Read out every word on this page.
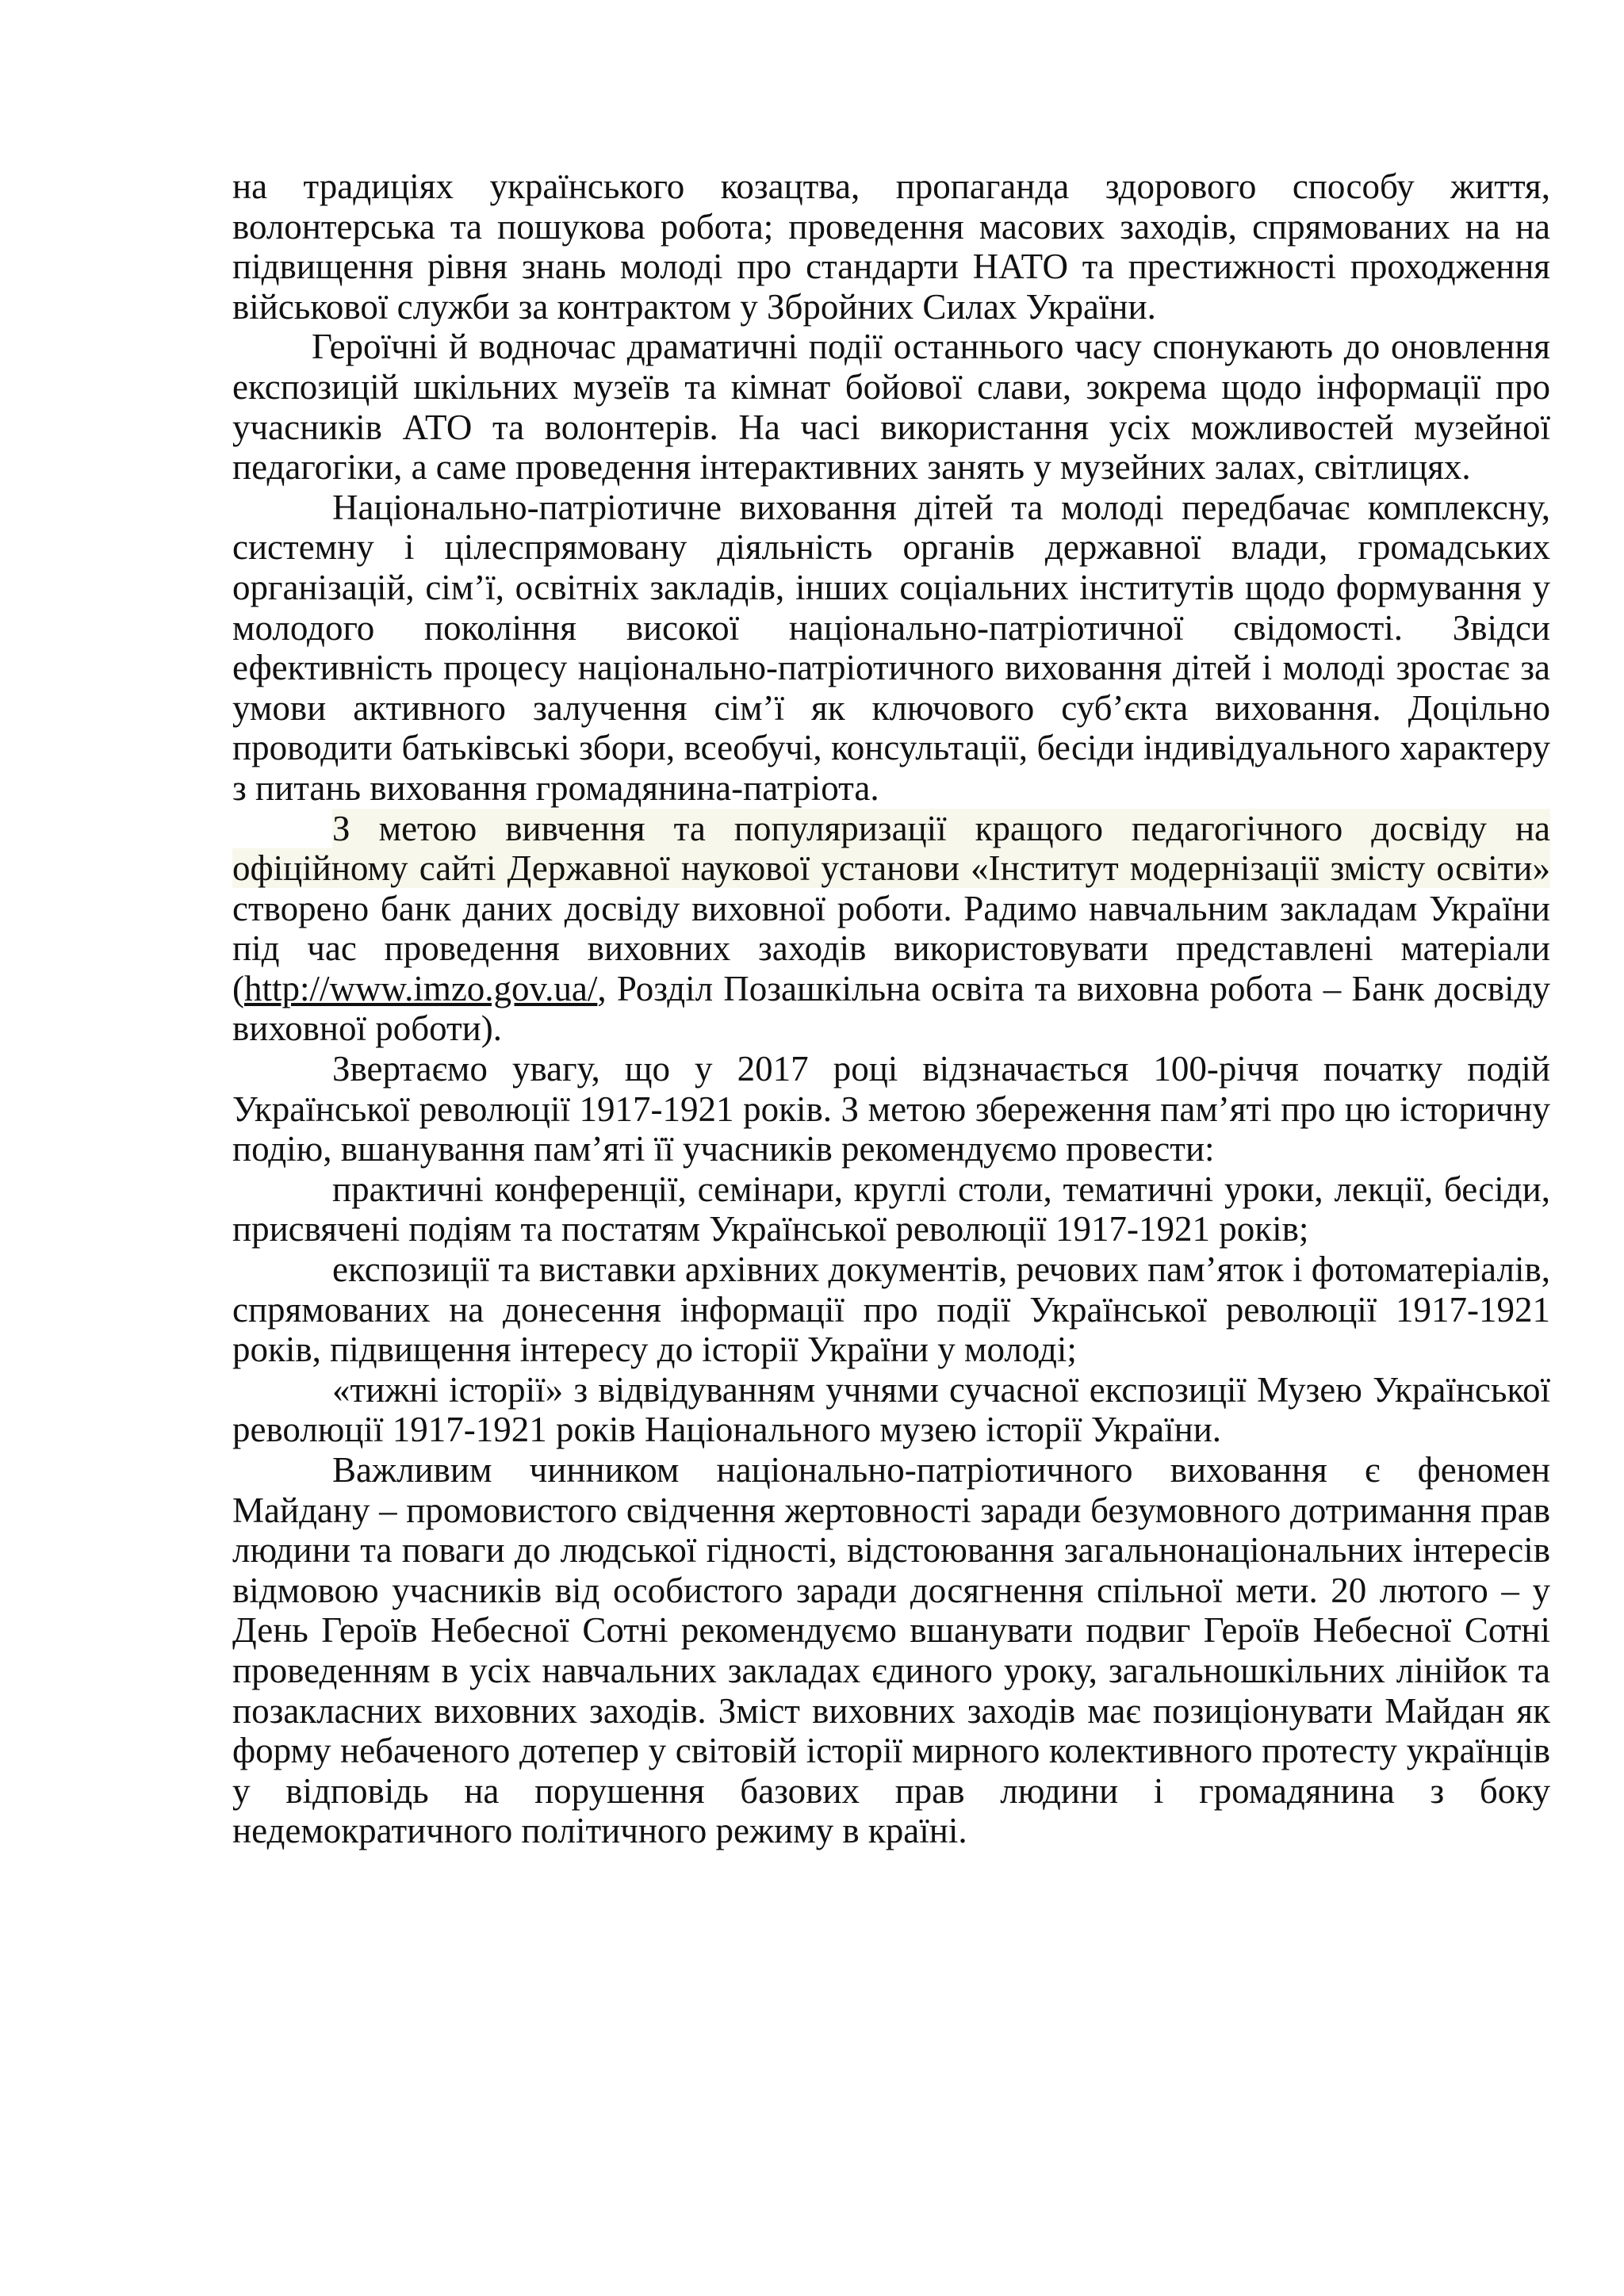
на традиціях українського козацтва, пропаганда здорового способу життя, волонтерська та пошукова робота; проведення масових заходів, спрямованих на на підвищення рівня знань молоді про стандарти НАТО та престижності проходження військової служби за контрактом у Збройних Силах України.

Героїчні й водночас драматичні події останнього часу спонукають до оновлення експозицій шкільних музеїв та кімнат бойової слави, зокрема щодо інформації про учасників АТО та волонтерів. На часі використання усіх можливостей музейної педагогіки, а саме проведення інтерактивних занять у музейних залах, світлицях.

Національно-патріотичне виховання дітей та молоді передбачає комплексну, системну і цілеспрямовану діяльність органів державної влади, громадських організацій, сім’ї, освітніх закладів, інших соціальних інститутів щодо формування у молодого покоління високої національно-патріотичної свідомості. Звідси ефективність процесу національно-патріотичного виховання дітей і молоді зростає за умови активного залучення сім’ї як ключового суб’єкта виховання. Доцільно проводити батьківські збори, всеобучі, консультації, бесіди індивідуального характеру з питань виховання громадянина-патріота.

З метою вивчення та популяризації кращого педагогічного досвіду на офіційному сайті Державної наукової установи «Інститут модернізації змісту освіти» створено банк даних досвіду виховної роботи. Радимо навчальним закладам України під час проведення виховних заходів використовувати представлені матеріали (http://www.imzo.gov.ua/, Розділ Позашкільна освіта та виховна робота – Банк досвіду виховної роботи).

Звертаємо увагу, що у 2017 році відзначається 100-річчя початку подій Української революції 1917-1921 років. З метою збереження пам’яті про цю історичну подію, вшанування пам’яті її учасників рекомендуємо провести:

практичні конференції, семінари, круглі столи, тематичні уроки, лекції, бесіди, присвячені подіям та постатям Української революції 1917-1921 років;

експозиції та виставки архівних документів, речових пам’яток і фотоматеріалів, спрямованих на донесення інформації про події Української революції 1917-1921 років, підвищення інтересу до історії України у молоді;

«тижні історії» з відвідуванням учнями сучасної експозиції Музею Української революції 1917-1921 років Національного музею історії України.

Важливим чинником національно-патріотичного виховання є феномен Майдану – промовистого свідчення жертовності заради безумовного дотримання прав людини та поваги до людської гідності, відстоювання загальнонаціональних інтересів відмовою учасників від особистого заради досягнення спільної мети. 20 лютого – у День Героїв Небесної Сотні рекомендуємо вшанувати подвиг Героїв Небесної Сотні проведенням в усіх навчальних закладах єдиного уроку, загальношкільних лінійок та позакласних виховних заходів. Зміст виховних заходів має позиціонувати Майдан як форму небаченого дотепер у світовій історії мирного колективного протесту українців у відповідь на порушення базових прав людини і громадянина з боку недемократичного політичного режиму в країні.
